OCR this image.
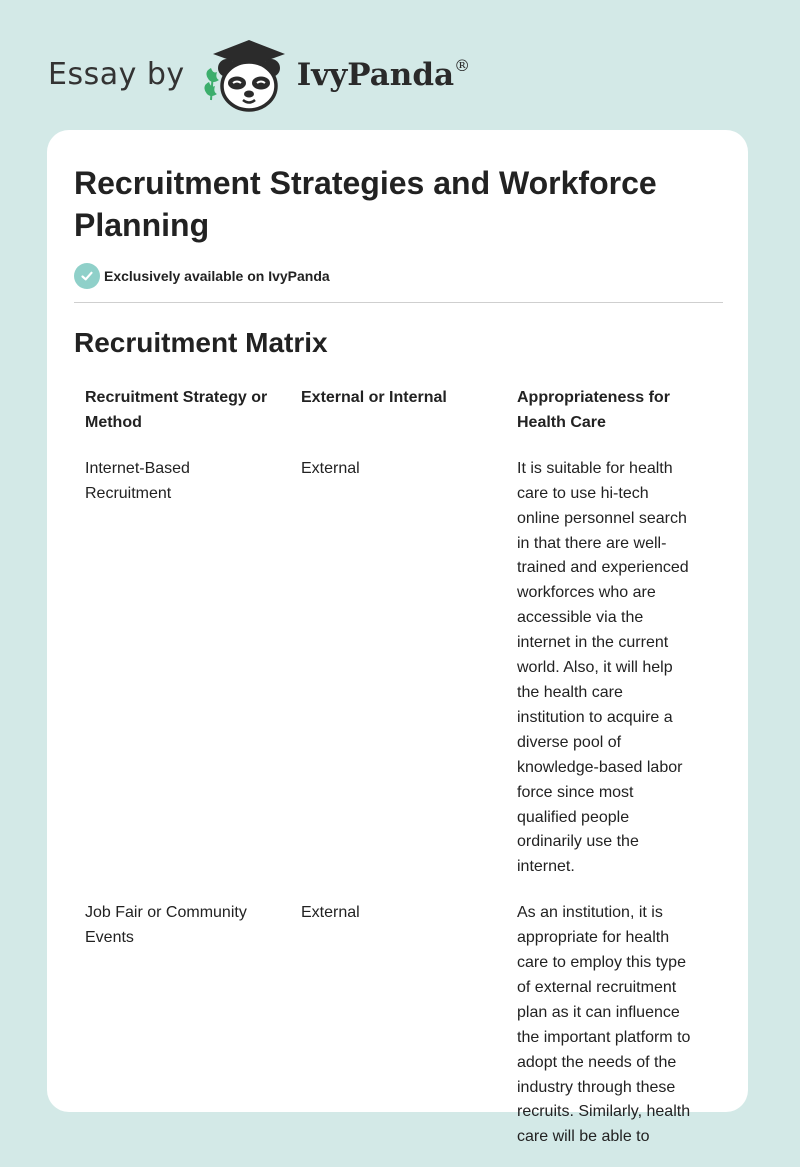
Essay by	IvyPanda®
Recruitment Strategies and Workforce Planning
Exclusively available on IvyPanda
Recruitment Matrix
Recruitment Strategy or Method	External or Internal	Appropriateness for Health Care
Internet-Based Recruitment	External	It is suitable for health care to use hi-tech online personnel search in that there are well-trained and experienced workforces who are accessible via the internet in the current world. Also, it will help the health care institution to acquire a diverse pool of knowledge-based labor force since most qualified people ordinarily use the internet.
Job Fair or Community Events	External	As an institution, it is appropriate for health care to employ this type of external recruitment plan as it can influence the important platform to adopt the needs of the industry through these recruits. Similarly, health care will be able to
